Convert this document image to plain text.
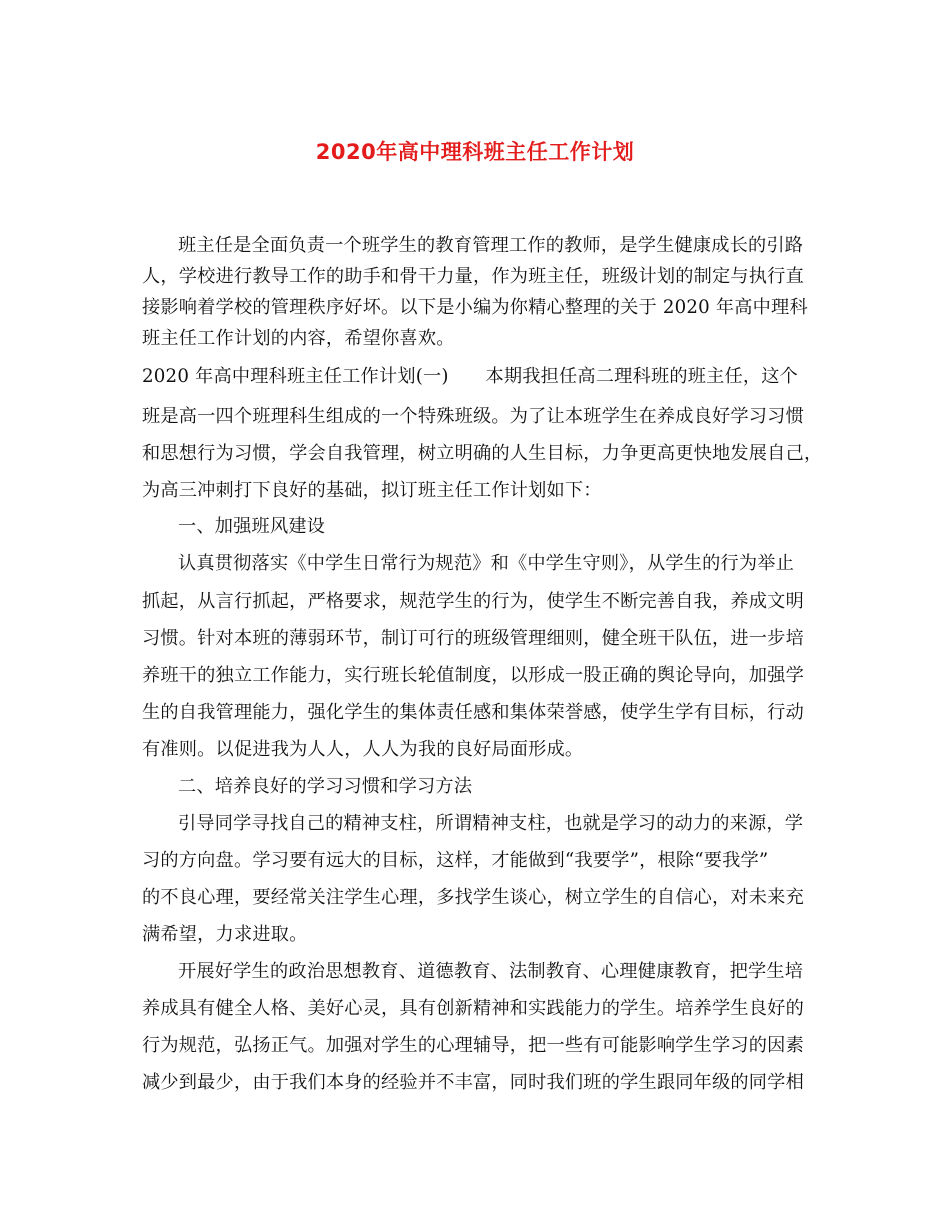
2020年高中理科班主任工作计划
班主任是全面负责一个班学生的教育管理工作的教师，是学生健康成长的引路
人，学校进行教导工作的助手和骨干力量，作为班主任，班级计划的制定与执行直
接影响着学校的管理秩序好坏。以下是小编为你精心整理的关于 2020 年高中理科
班主任工作计划的内容，希望你喜欢。
2020 年高中理科班主任工作计划(一)　　本期我担任高二理科班的班主任，这个
班是高一四个班理科生组成的一个特殊班级。为了让本班学生在养成良好学习习惯
和思想行为习惯，学会自我管理，树立明确的人生目标，力争更高更快地发展自己，
为高三冲刺打下良好的基础，拟订班主任工作计划如下：
一、加强班风建设
认真贯彻落实《中学生日常行为规范》和《中学生守则》，从学生的行为举止
抓起，从言行抓起，严格要求，规范学生的行为，使学生不断完善自我，养成文明
习惯。针对本班的薄弱环节，制订可行的班级管理细则，健全班干队伍，进一步培
养班干的独立工作能力，实行班长轮值制度，以形成一股正确的舆论导向，加强学
生的自我管理能力，强化学生的集体责任感和集体荣誉感，使学生学有目标，行动
有准则。以促进我为人人，人人为我的良好局面形成。
二、培养良好的学习习惯和学习方法
引导同学寻找自己的精神支柱，所谓精神支柱，也就是学习的动力的来源，学
习的方向盘。学习要有远大的目标，这样，才能做到“我要学”，根除“要我学”
的不良心理，要经常关注学生心理，多找学生谈心，树立学生的自信心，对未来充
满希望，力求进取。
开展好学生的政治思想教育、道德教育、法制教育、心理健康教育，把学生培
养成具有健全人格、美好心灵，具有创新精神和实践能力的学生。培养学生良好的
行为规范，弘扬正气。加强对学生的心理辅导，把一些有可能影响学生学习的因素
减少到最少，由于我们本身的经验并不丰富，同时我们班的学生跟同年级的同学相
